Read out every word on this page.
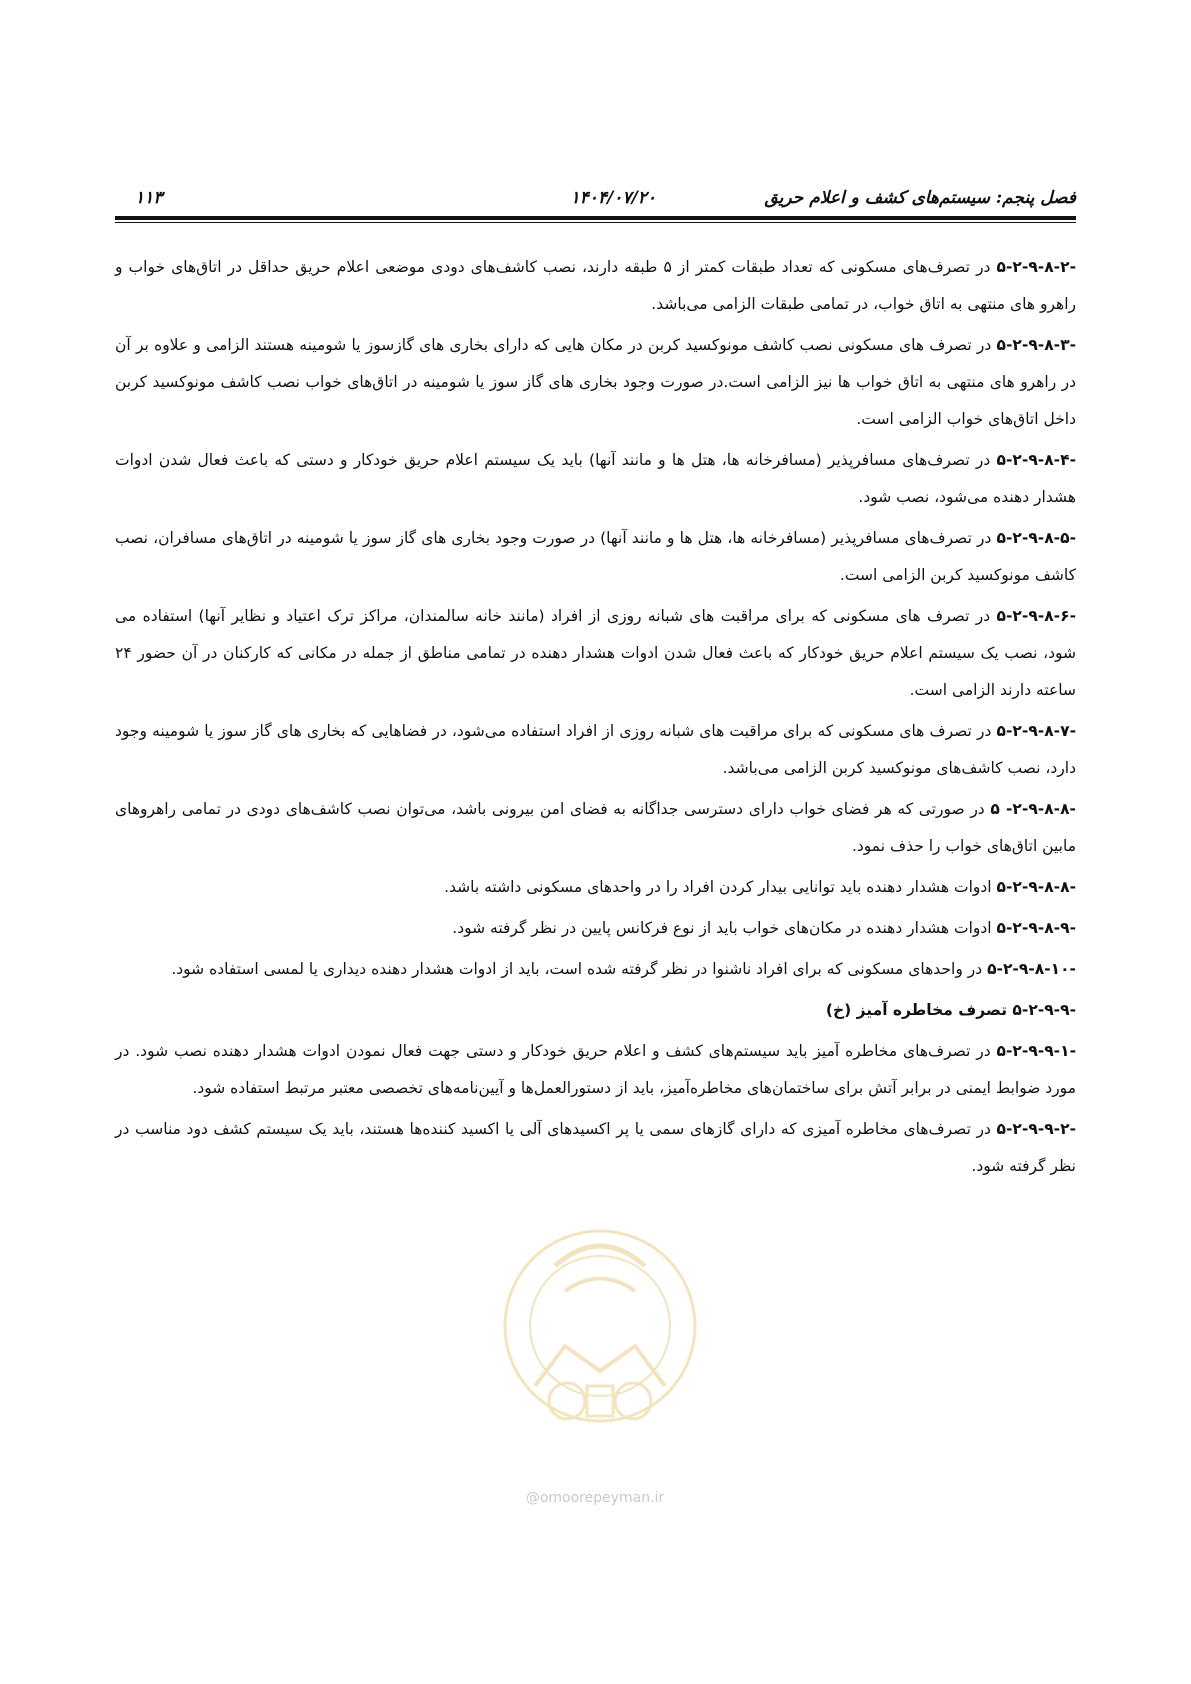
فصل پنجم: سیستم‌های کشف و اعلام حریق
۱۴۰۴/۰۷/۲۰
۱۱۳

۵-۲-۹-۸-۲- در تصرف‌های مسکونی که تعداد طبقات کمتر از ۵ طبقه دارند، نصب کاشف‌های دودی موضعی اعلام حریق حداقل در اتاق‌های خواب و راهرو های منتهی به اتاق خواب، در تمامی طبقات الزامی می‌باشد.

۵-۲-۹-۸-۳- در تصرف های مسکونی نصب کاشف مونوکسید کربن در مکان هایی که دارای بخاری های گازسوز یا شومینه هستند الزامی و علاوه بر آن در راهرو های منتهی به اتاق خواب ها نیز الزامی است.در صورت وجود بخاری های گاز سوز یا شومینه در اتاق‌های خواب نصب کاشف مونوکسید کربن داخل اتاق‌های خواب الزامی است.

۵-۲-۹-۸-۴- در تصرف‌های مسافرپذیر (مسافرخانه ها، هتل ها و مانند آنها) باید یک سیستم اعلام حریق خودکار و دستی که باعث فعال شدن ادوات هشدار دهنده می‌شود، نصب شود.

۵-۲-۹-۸-۵- در تصرف‌های مسافرپذیر (مسافرخانه ها، هتل ها و مانند آنها) در صورت وجود بخاری های گاز سوز یا شومینه در اتاق‌های مسافران، نصب کاشف مونوکسید کربن الزامی است.

۵-۲-۹-۸-۶- در تصرف های مسکونی که برای مراقبت های شبانه روزی از افراد (مانند خانه سالمندان، مراکز ترک اعتیاد و نظایر آنها) استفاده می شود، نصب یک سیستم اعلام حریق خودکار که باعث فعال شدن ادوات هشدار دهنده در تمامی مناطق از جمله در مکانی که کارکنان در آن حضور ۲۴ ساعته دارند الزامی است.

۵-۲-۹-۸-۷- در تصرف های مسکونی که برای مراقبت های شبانه روزی از افراد استفاده می‌شود، در فضاهایی که بخاری های گاز سوز یا شومینه وجود دارد، نصب کاشف‌های مونوکسید کربن الزامی می‌باشد.

۵ -۲-۹-۸-۸- در صورتی که هر فضای خواب دارای دسترسی جداگانه به فضای امن بیرونی باشد، می‌توان نصب کاشف‌های دودی در تمامی راهروهای مابین اتاق‌های خواب را حذف نمود.

۵-۲-۹-۸-۸- ادوات هشدار دهنده باید توانایی بیدار کردن افراد را در واحدهای مسکونی داشته باشد.

۵-۲-۹-۸-۹- ادوات هشدار دهنده در مکان‌های خواب باید از نوع فرکانس پایین در نظر گرفته شود.

۵-۲-۹-۸-۱۰- در واحدهای مسکونی که برای افراد ناشنوا در نظر گرفته شده است، باید از ادوات هشدار دهنده دیداری یا لمسی استفاده شود.

۵-۲-۹-۹- تصرف مخاطره آمیز (خ)

۵-۲-۹-۹-۱- در تصرف‌های مخاطره آمیز باید سیستم‌های کشف و اعلام حریق خودکار و دستی جهت فعال نمودن ادوات هشدار دهنده نصب شود. در مورد ضوابط ایمنی در برابر آتش برای ساختمان‌های مخاطره‌آمیز، باید از دستورالعمل‌ها و آیین‌نامه‌های تخصصی معتبر مرتبط استفاده شود.

۵-۲-۹-۹-۲- در تصرف‌های مخاطره آمیزی که دارای گازهای سمی یا پر اکسیدهای آلی یا اکسید کننده‌ها هستند، باید یک سیستم کشف دود مناسب در نظر گرفته شود.

@omoorepeyman.ir
